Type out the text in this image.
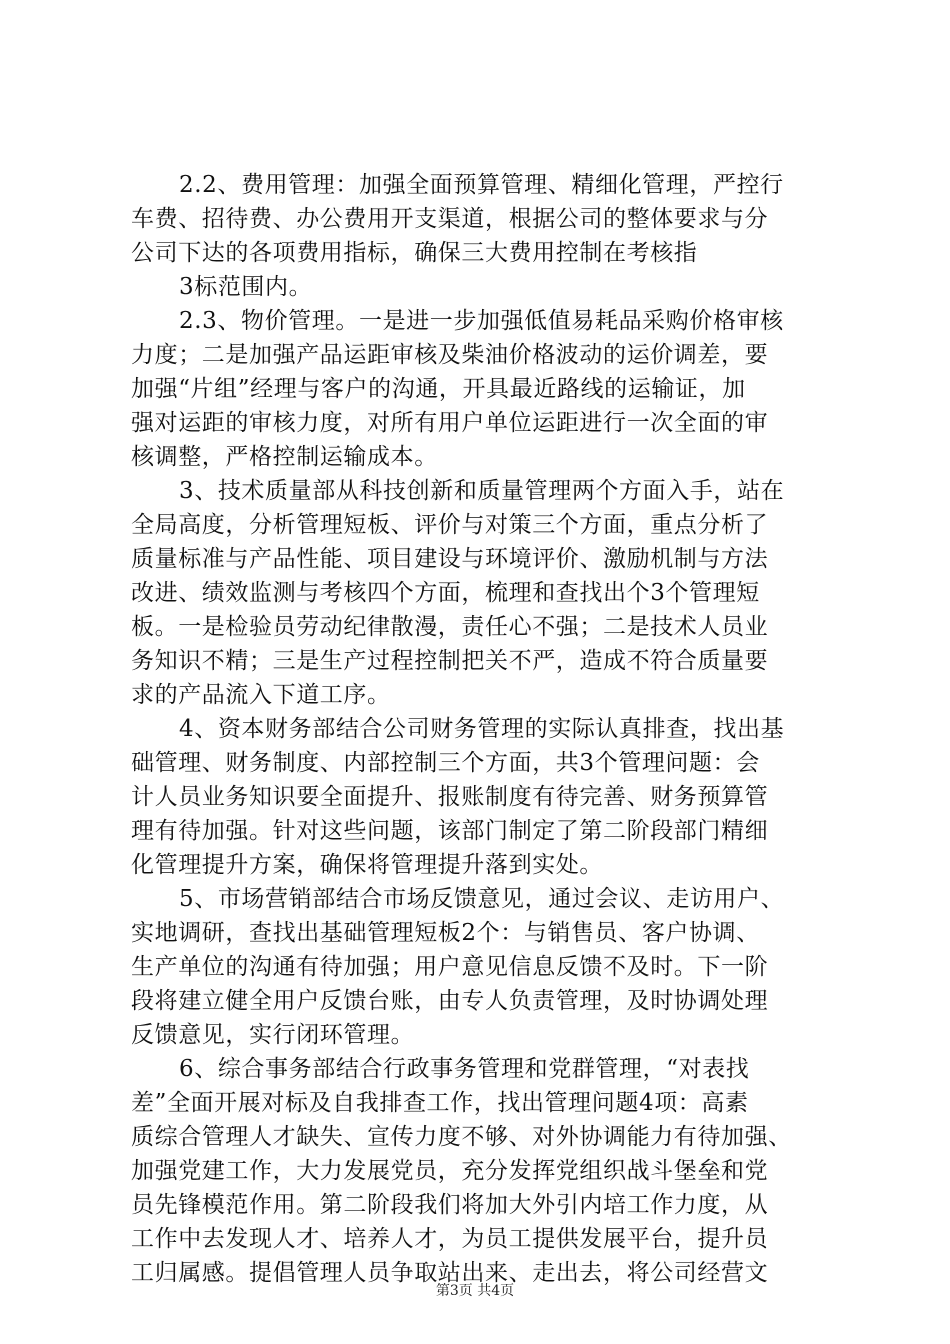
2.2、费用管理：加强全面预算管理、精细化管理，严控行
车费、招待费、办公费用开支渠道，根据公司的整体要求与分
公司下达的各项费用指标，确保三大费用控制在考核指
3标范围内。
2.3、物价管理。一是进一步加强低值易耗品采购价格审核
力度；二是加强产品运距审核及柴油价格波动的运价调差，要
加强“片组”经理与客户的沟通，开具最近路线的运输证，加
强对运距的审核力度，对所有用户单位运距进行一次全面的审
核调整，严格控制运输成本。
3、技术质量部从科技创新和质量管理两个方面入手，站在
全局高度，分析管理短板、评价与对策三个方面，重点分析了
质量标准与产品性能、项目建设与环境评价、激励机制与方法
改进、绩效监测与考核四个方面，梳理和查找出个3个管理短
板。一是检验员劳动纪律散漫，责任心不强；二是技术人员业
务知识不精；三是生产过程控制把关不严，造成不符合质量要
求的产品流入下道工序。
4、资本财务部结合公司财务管理的实际认真排查，找出基
础管理、财务制度、内部控制三个方面，共3个管理问题：会
计人员业务知识要全面提升、报账制度有待完善、财务预算管
理有待加强。针对这些问题，该部门制定了第二阶段部门精细
化管理提升方案，确保将管理提升落到实处。
5、市场营销部结合市场反馈意见，通过会议、走访用户、
实地调研，查找出基础管理短板2个：与销售员、客户协调、
生产单位的沟通有待加强；用户意见信息反馈不及时。下一阶
段将建立健全用户反馈台账，由专人负责管理，及时协调处理
反馈意见，实行闭环管理。
6、综合事务部结合行政事务管理和党群管理，“对表找
差”全面开展对标及自我排查工作，找出管理问题4项：高素
质综合管理人才缺失、宣传力度不够、对外协调能力有待加强、
加强党建工作，大力发展党员，充分发挥党组织战斗堡垒和党
员先锋模范作用。第二阶段我们将加大外引内培工作力度，从
工作中去发现人才、培养人才，为员工提供发展平台，提升员
工归属感。提倡管理人员争取站出来、走出去，将公司经营文
第3页 共4页
